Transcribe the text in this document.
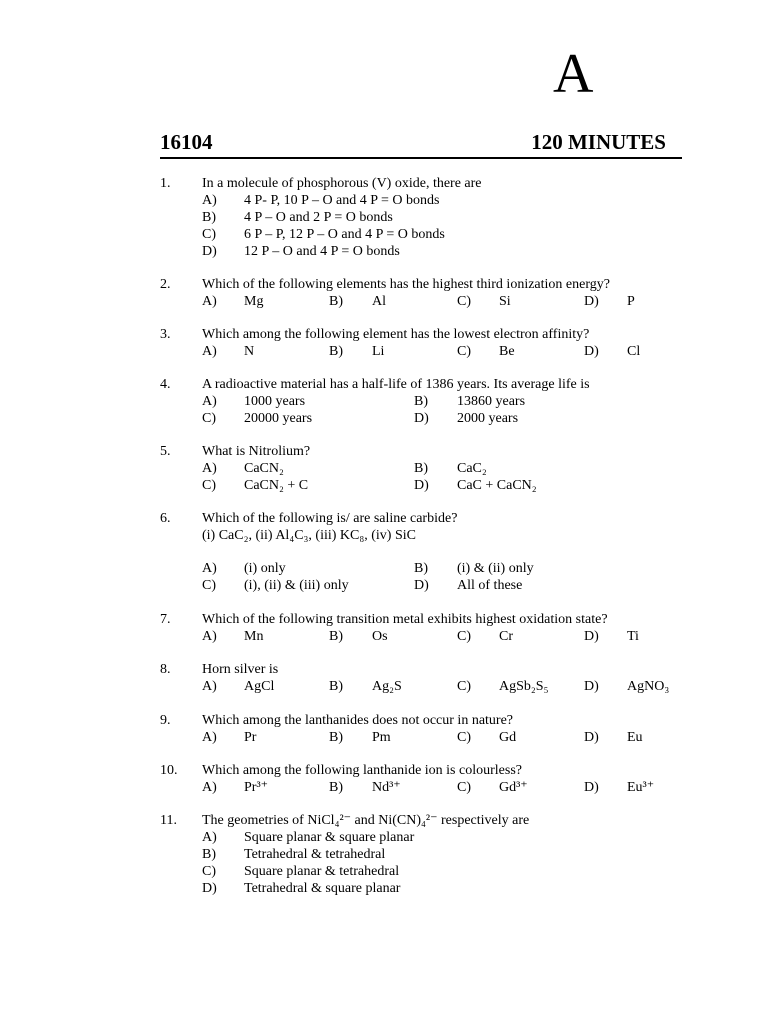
A
16104	120 MINUTES
1. In a molecule of phosphorous (V) oxide, there are
A) 4 P- P, 10 P – O and 4 P = O bonds
B) 4 P – O and 2 P = O bonds
C) 6 P – P, 12 P – O and 4 P = O bonds
D) 12 P – O and 4 P = O bonds
2. Which of the following elements has the highest third ionization energy?
A) Mg	B) Al	C) Si	D) P
3. Which among the following element has the lowest electron affinity?
A) N	B) Li	C) Be	D) Cl
4. A radioactive material has a half-life of 1386 years. Its average life is
A) 1000 years	B) 13860 years
C) 20000 years	D) 2000 years
5. What is Nitrolium?
A) CaCN₂	B) CaC₂
C) CaCN₂ + C	D) CaC + CaCN₂
6. Which of the following is/ are saline carbide?
(i) CaC₂, (ii) Al₄C₃, (iii) KC₈, (iv) SiC
A) (i) only	B) (i) & (ii) only
C) (i), (ii) & (iii) only	D) All of these
7. Which of the following transition metal exhibits highest oxidation state?
A) Mn	B) Os	C) Cr	D) Ti
8. Horn silver is
A) AgCl	B) Ag₂S	C) AgSb₂S₅	D) AgNO₃
9. Which among the lanthanides does not occur in nature?
A) Pr	B) Pm	C) Gd	D) Eu
10. Which among the following lanthanide ion is colourless?
A) Pr³⁺	B) Nd³⁺	C) Gd³⁺	D) Eu³⁺
11. The geometries of NiCl₄²⁻ and Ni(CN)₄²⁻ respectively are
A) Square planar & square planar
B) Tetrahedral & tetrahedral
C) Square planar & tetrahedral
D) Tetrahedral & square planar
